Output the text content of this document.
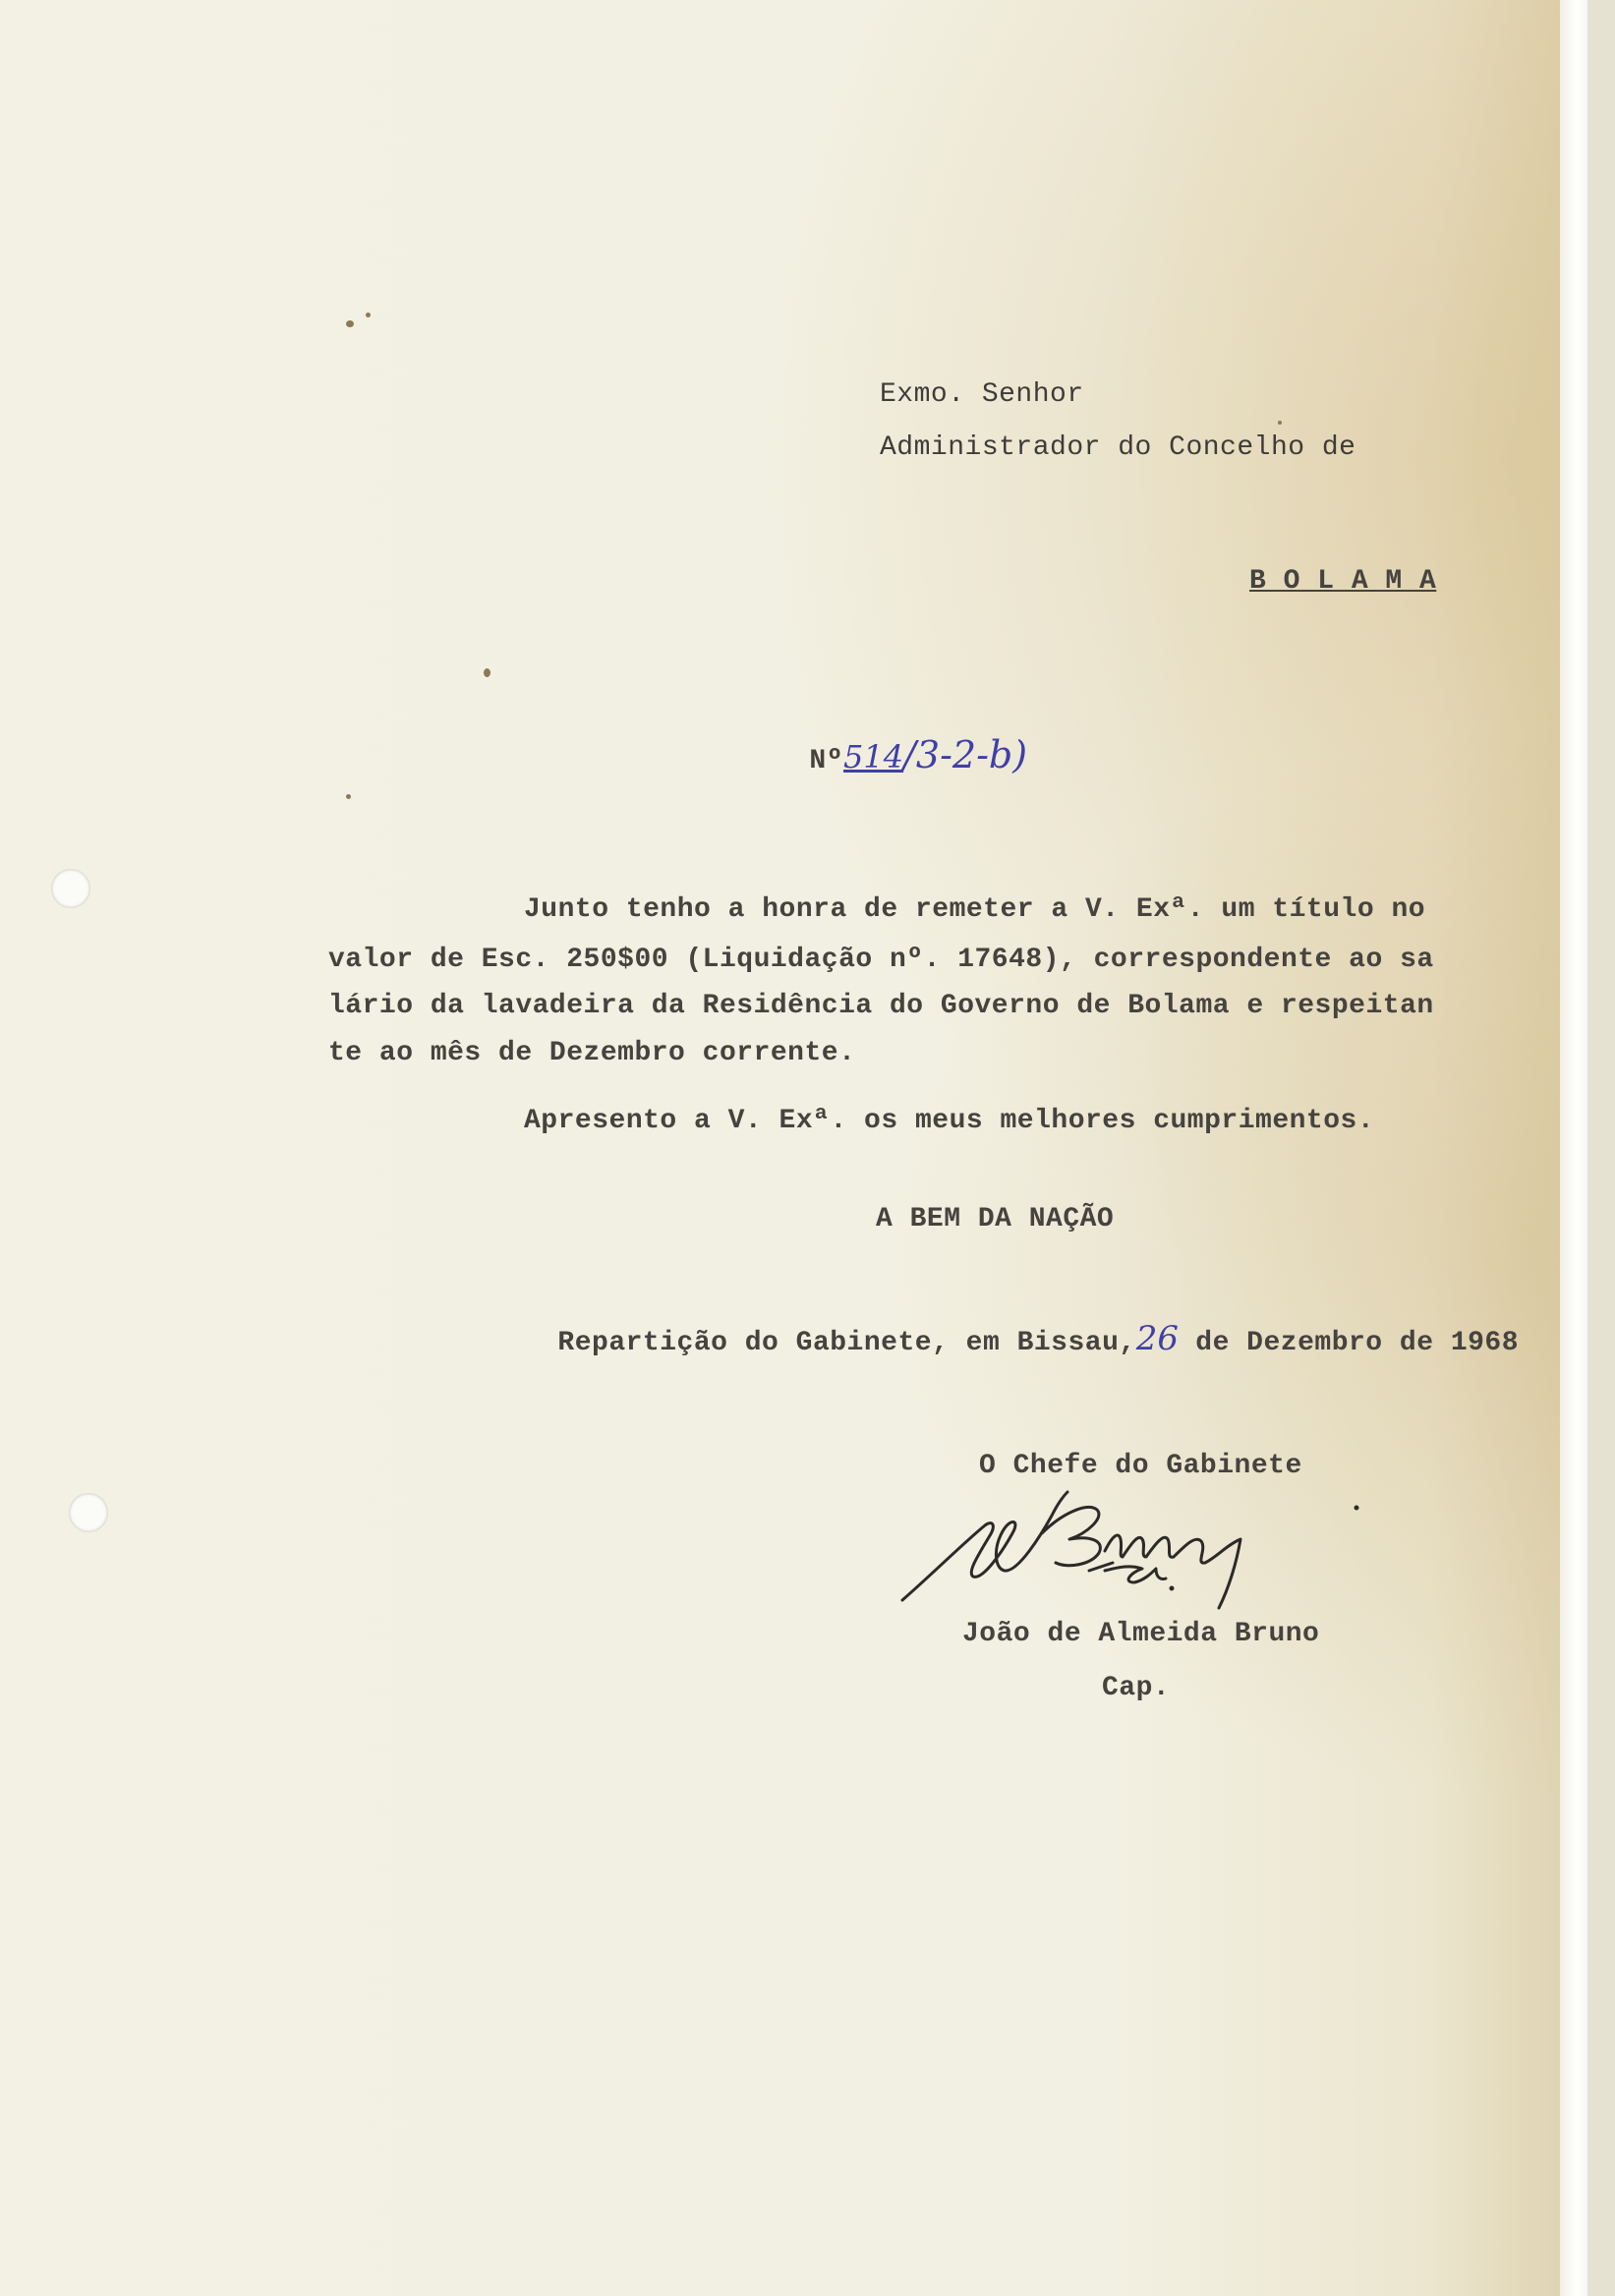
Exmo. Senhor
Administrador do Concelho de
B O L A M A

Nº514/3-2-b)

Junto tenho a honra de remeter a V. Exª. um título no
valor de Esc. 250$00 (Liquidação nº. 17648), correspondente ao sa
lário da lavadeira da Residência do Governo de Bolama e respeitan
te ao mês de Dezembro corrente.
Apresento a V. Exª. os meus melhores cumprimentos.
A BEM DA NAÇÃO

Repartição do Gabinete, em Bissau,26 de Dezembro de 1968

O Chefe do Gabinete
João de Almeida Bruno
Cap.
